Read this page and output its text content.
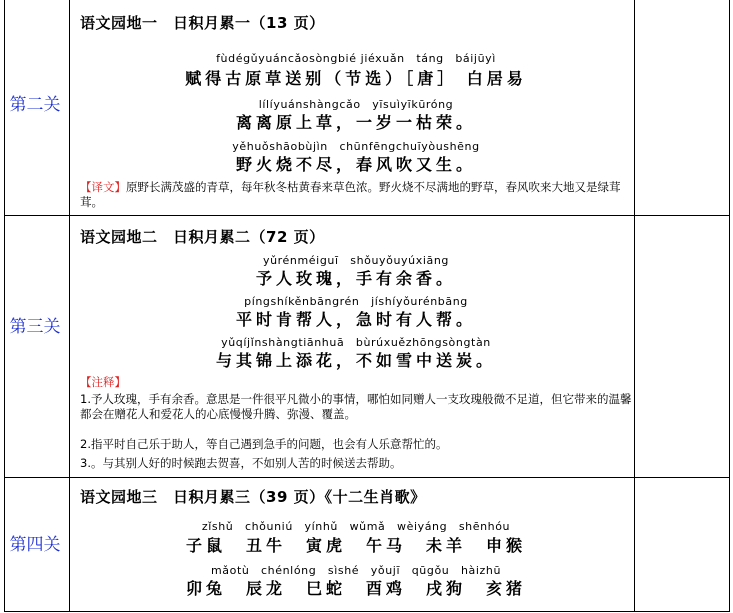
第二关
语文园地一　日积月累一（13 页）
fùdégǔyuáncǎosòngbié jiéxuǎn　táng　báijūyì
赋得古原草送别（节选）［唐］ 白居易
lílíyuánshàngcǎo　yīsuìyīkūróng
离离原上草，一岁一枯荣。
yěhuǒshāobùjìn　chūnfēngchuīyòushēng
野火烧不尽，春风吹又生。
【译文】原野长满茂盛的青草，每年秋冬枯黄春来草色浓。野火烧不尽满地的野草，春风吹来大地又是绿茸茸。
第三关
语文园地二　日积月累二（72 页）
yǔrénméiguī　shǒuyǒuyúxiāng
予人玫瑰，手有余香。
píngshíkěnbāngrén　jíshíyǒurénbāng
平时肯帮人，急时有人帮。
yǔqíjǐnshàngtiānhuā　bùrúxuězhōngsòngtàn
与其锦上添花，不如雪中送炭。
【注释】
1.予人玫瑰，手有余香。意思是一件很平凡微小的事情，哪怕如同赠人一支玫瑰般微不足道，但它带来的温馨都会在赠花人和爱花人的心底慢慢升腾、弥漫、覆盖。
2.指平时自己乐于助人，等自己遇到急手的问题，也会有人乐意帮忙的。
3.。与其别人好的时候跑去贺喜，不如别人苦的时候送去帮助。
第四关
语文园地三　日积月累三（39 页）《十二生肖歌》
zǐshǔ　chǒuniú　yínhǔ　wǔmǎ　wèiyáng　shēnhóu
子鼠　丑牛　寅虎　午马　未羊　申猴
mǎotù　chénlóng　sìshé　yǒujī　qūgǒu　hàizhū
卯兔　辰龙　巳蛇　酉鸡　戌狗　亥猪
